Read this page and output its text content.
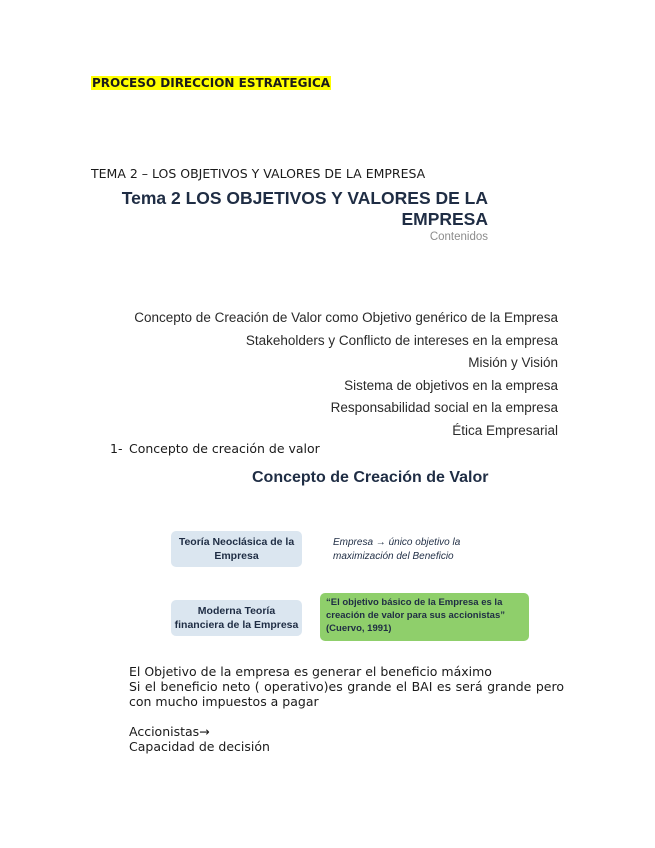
PROCESO DIRECCION ESTRATEGICA
TEMA 2 – LOS OBJETIVOS Y VALORES DE LA EMPRESA
Tema 2 LOS OBJETIVOS Y VALORES DE LA
EMPRESA
Contenidos
Concepto de Creación de Valor como Objetivo genérico de la Empresa
Stakeholders y Conflicto de intereses en la empresa
Misión y Visión
Sistema de objetivos en la empresa
Responsabilidad social en la empresa
Ética Empresarial
1- Concepto de creación de valor
Concepto de Creación de Valor
Teoría Neoclásica de la
Empresa
Empresa → único objetivo la
maximización del Beneficio
Moderna Teoría
financiera de la Empresa
“El objetivo básico de la Empresa es la
creación de valor para sus accionistas”
(Cuervo, 1991)
El Objetivo de la empresa es generar el beneficio máximo
Si el beneficio neto ( operativo)es grande el BAI es será grande pero con mucho impuestos a pagar
Accionistas→
Capacidad de decisión
